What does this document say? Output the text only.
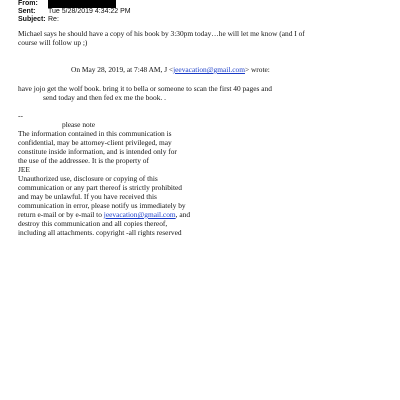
From:
Sent: Tue 5/28/2019 4:34:22 PM
Subject: Re:
Michael says he should have a copy of his book by 3:30pm today…he will let me know (and I of
course will follow up ;)
On May 28, 2019, at 7:48 AM, J <jeevacation@gmail.com> wrote:
have jojo get the wolf book. bring it to bella or someone to scan the first 40 pages and
send today and then fed ex me the book. .
--
please note
The information contained in this communication is
confidential, may be attorney-client privileged, may
constitute inside information, and is intended only for
the use of the addressee. It is the property of
JEE
Unauthorized use, disclosure or copying of this
communication or any part thereof is strictly prohibited
and may be unlawful. If you have received this
communication in error, please notify us immediately by
return e-mail or by e-mail to jeevacation@gmail.com, and
destroy this communication and all copies thereof,
including all attachments. copyright -all rights reserved
